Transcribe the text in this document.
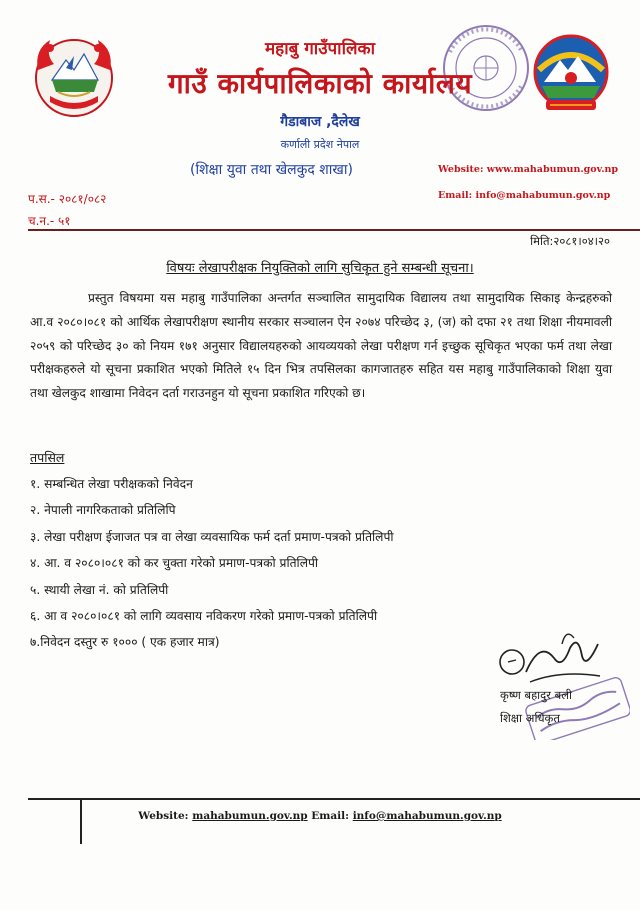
महाबु गाउँपालिका
गाउँ कार्यपालिकाको कार्यालय
गैडाबाज ,दैलेख
कर्णाली प्रदेश नेपाल
(शिक्षा युवा तथा खेलकुद शाखा)	Website: www.mahabumun.gov.np
Email: info@mahabumun.gov.np
प.स.- २०८१/०८२
च.न.- ५१
मिति:२०८१।०४।२०
विषयः लेखापरीक्षक नियुक्तिको लागि सुचिकृत हुने सम्बन्धी सूचना।

प्रस्तुत विषयमा यस महाबु गाउँपालिका अन्तर्गत सञ्चालित सामुदायिक विद्यालय तथा सामुदायिक सिकाइ केन्द्रहरुको आ.व २०८०।०८१ को आर्थिक लेखापरीक्षण स्थानीय सरकार सञ्चालन ऐन २०७४ परिच्छेद ३, (ज) को दफा २१ तथा शिक्षा नीयमावली २०५९ को परिच्छेद ३० को नियम १७१ अनुसार विद्यालयहरुको आयव्ययको लेखा परीक्षण गर्न इच्छुक सूचिकृत भएका फर्म तथा लेखा परीक्षकहरुले यो सूचना प्रकाशित भएको मितिले १५ दिन भित्र तपसिलका कागजातहरु सहित यस महाबु गाउँपालिकाको शिक्षा युवा तथा खेलकुद शाखामा निवेदन दर्ता गराउनहुन यो सूचना प्रकाशित गरिएको छ।

तपसिल
१. सम्बन्धित लेखा परीक्षकको निवेदन
२. नेपाली नागरिकताको प्रतिलिपि
३. लेखा परीक्षण ईजाजत पत्र वा लेखा व्यवसायिक फर्म दर्ता प्रमाण-पत्रको प्रतिलिपी
४. आ. व २०८०।०८१ को कर चुक्ता गरेको प्रमाण-पत्रको प्रतिलिपी
५. स्थायी लेखा नं. को प्रतिलिपी
६. आ व २०८०।०८१ को लागि व्यवसाय नविकरण गरेको प्रमाण-पत्रको प्रतिलिपी
७.निवेदन दस्तुर रु १००० ( एक हजार मात्र)
कृष्ण बहादुर बली
शिक्षा अधिकृत
Website: mahabumun.gov.np Email: info@mahabumun.gov.np
